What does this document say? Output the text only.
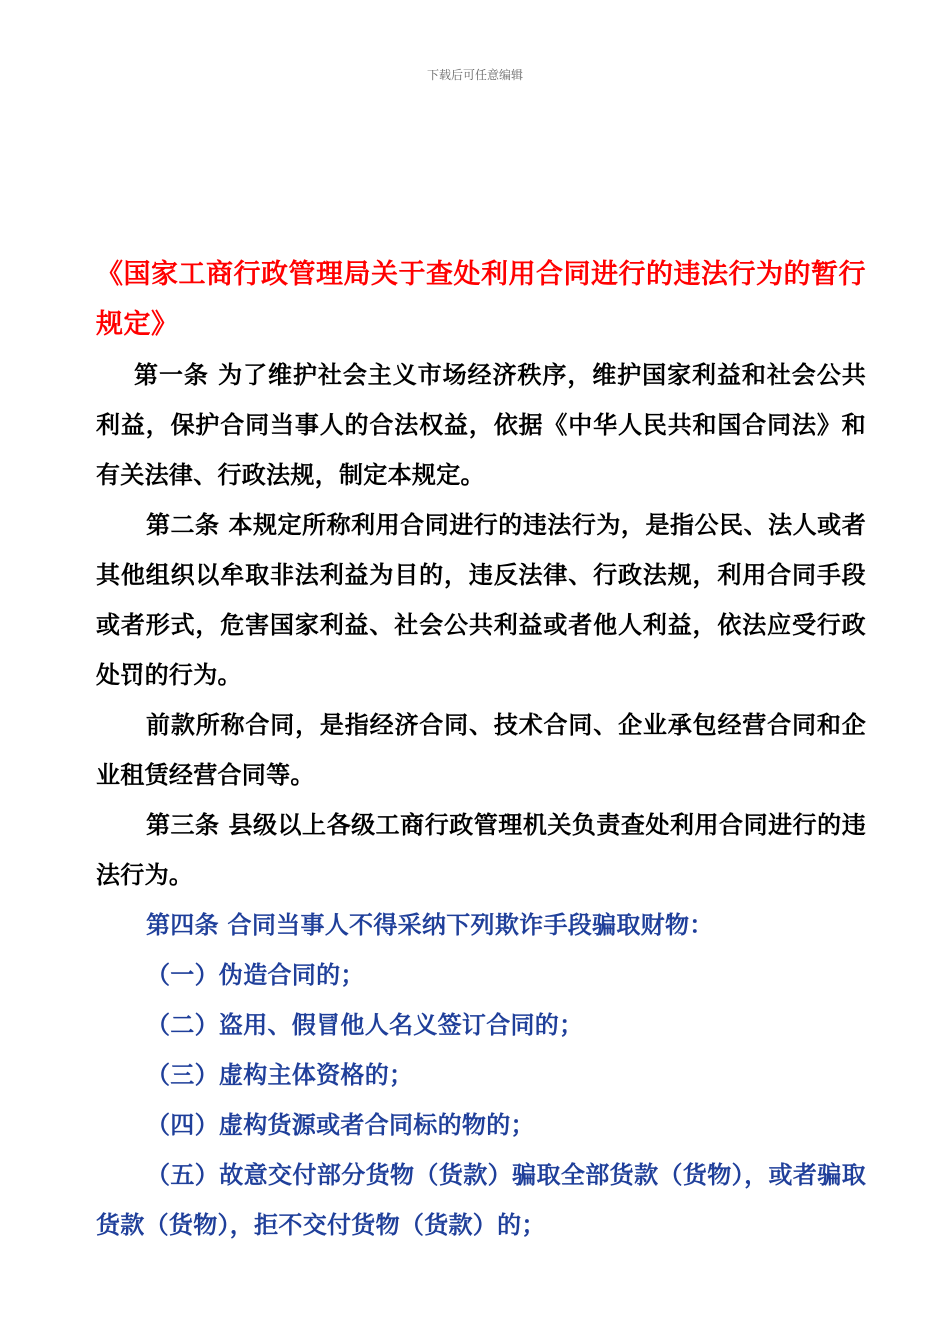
下载后可任意编辑
《国家工商行政管理局关于查处利用合同进行的违法行为的暂行规定》

第一条 为了维护社会主义市场经济秩序，维护国家利益和社会公共利益，保护合同当事人的合法权益，依据《中华人民共和国合同法》和有关法律、行政法规，制定本规定。

第二条 本规定所称利用合同进行的违法行为，是指公民、法人或者其他组织以牟取非法利益为目的，违反法律、行政法规，利用合同手段或者形式，危害国家利益、社会公共利益或者他人利益，依法应受行政处罚的行为。

前款所称合同，是指经济合同、技术合同、企业承包经营合同和企业租赁经营合同等。

第三条 县级以上各级工商行政管理机关负责查处利用合同进行的违法行为。

第四条 合同当事人不得采纳下列欺诈手段骗取财物：

（一）伪造合同的；

（二）盗用、假冒他人名义签订合同的；

（三）虚构主体资格的；

（四）虚构货源或者合同标的物的；

（五）故意交付部分货物（货款）骗取全部货款（货物），或者骗取货款（货物），拒不交付货物（货款）的；
